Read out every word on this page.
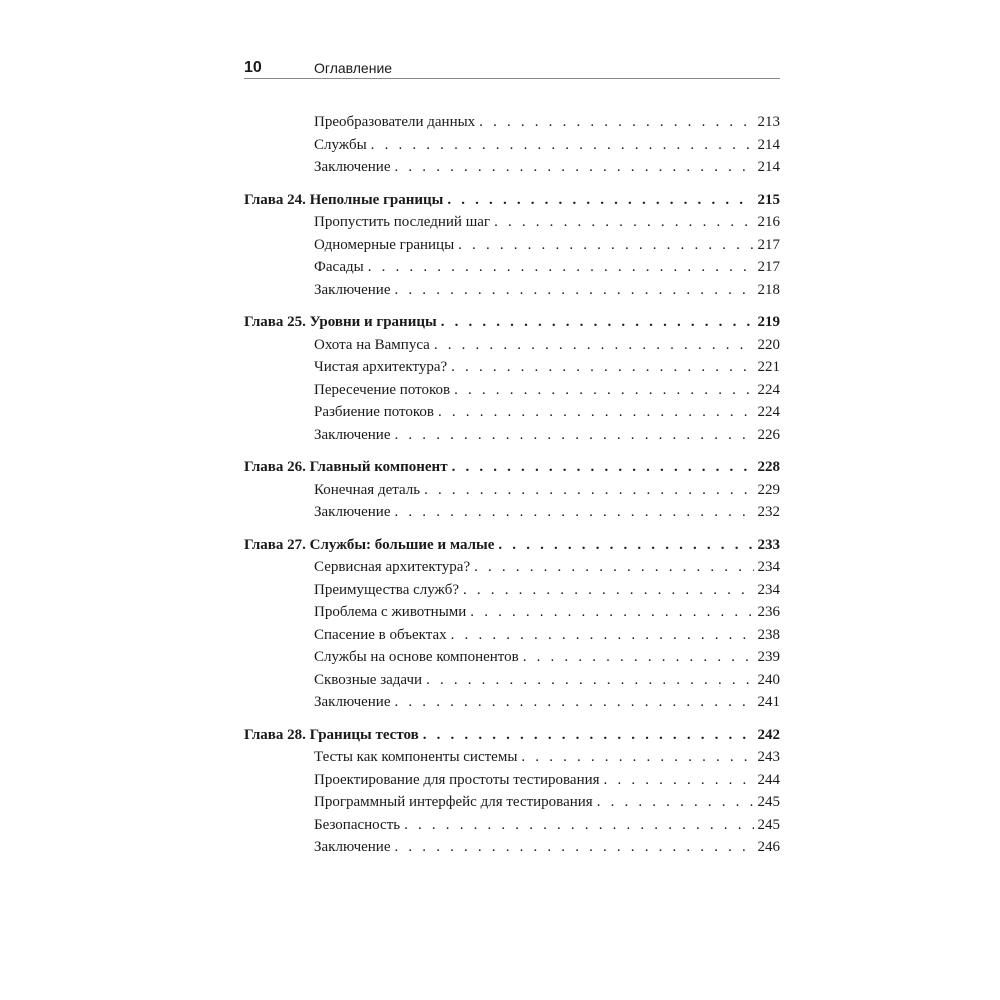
10	Оглавление
Преобразователи данных . . .	213
Службы . . .	214
Заключение . . .	214
Глава 24. Неполные границы . . .	215
Пропустить последний шаг . . .	216
Одномерные границы . . .	217
Фасады . . .	217
Заключение . . .	218
Глава 25. Уровни и границы . . .	219
Охота на Вампуса . . .	220
Чистая архитектура? . . .	221
Пересечение потоков . . .	224
Разбиение потоков . . .	224
Заключение . . .	226
Глава 26. Главный компонент . . .	228
Конечная деталь . . .	229
Заключение . . .	232
Глава 27. Службы: большие и малые . . .	233
Сервисная архитектура? . . .	234
Преимущества служб? . . .	234
Проблема с животными . . .	236
Спасение в объектах . . .	238
Службы на основе компонентов . . .	239
Сквозные задачи . . .	240
Заключение . . .	241
Глава 28. Границы тестов . . .	242
Тесты как компоненты системы . . .	243
Проектирование для простоты тестирования . . .	244
Программный интерфейс для тестирования . . .	245
Безопасность . . .	245
Заключение . . .	246
